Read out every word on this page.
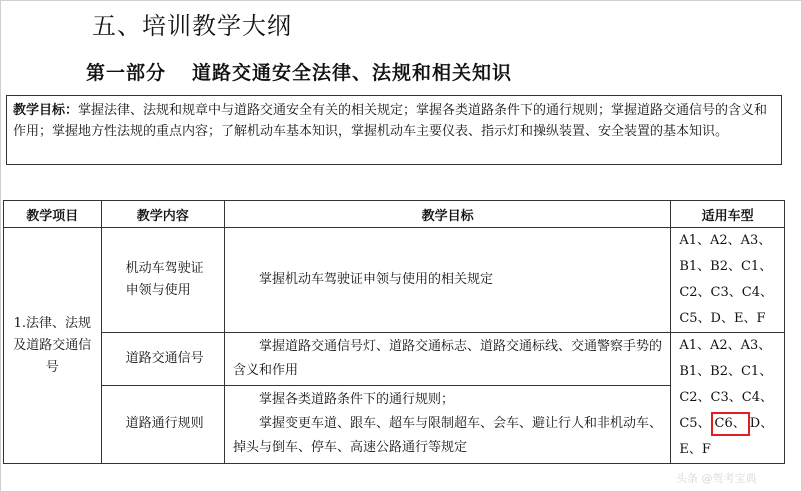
五、培训教学大纲
第一部分 道路交通安全法律、法规和相关知识
教学目标：掌握法律、法规和规章中与道路交通安全有关的相关规定；掌握各类道路条件下的通行规则；掌握道路交通信号的含义和作用；掌握地方性法规的重点内容；了解机动车基本知识，掌握机动车主要仪表、指示灯和操纵装置、安全装置的基本知识。
教学项目	教学内容	教学目标	适用车型
1.法律、法规及道路交通信号	机动车驾驶证申领与使用	掌握机动车驾驶证申领与使用的相关规定	A1、A2、A3、B1、B2、C1、C2、C3、C4、C5、D、E、F
	道路交通信号	掌握道路交通信号灯、道路交通标志、道路交通标线、交通警察手势的含义和作用	A1、A2、A3、B1、B2、C1、C2、C3、C4、C5、 C6、 D、E、F
	道路通行规则	掌握各类道路条件下的通行规则；
掌握变更车道、跟车、超车与限制超车、会车、避让行人和非机动车、掉头与倒车、停车、高速公路通行等规定	
头条 @驾考宝典
